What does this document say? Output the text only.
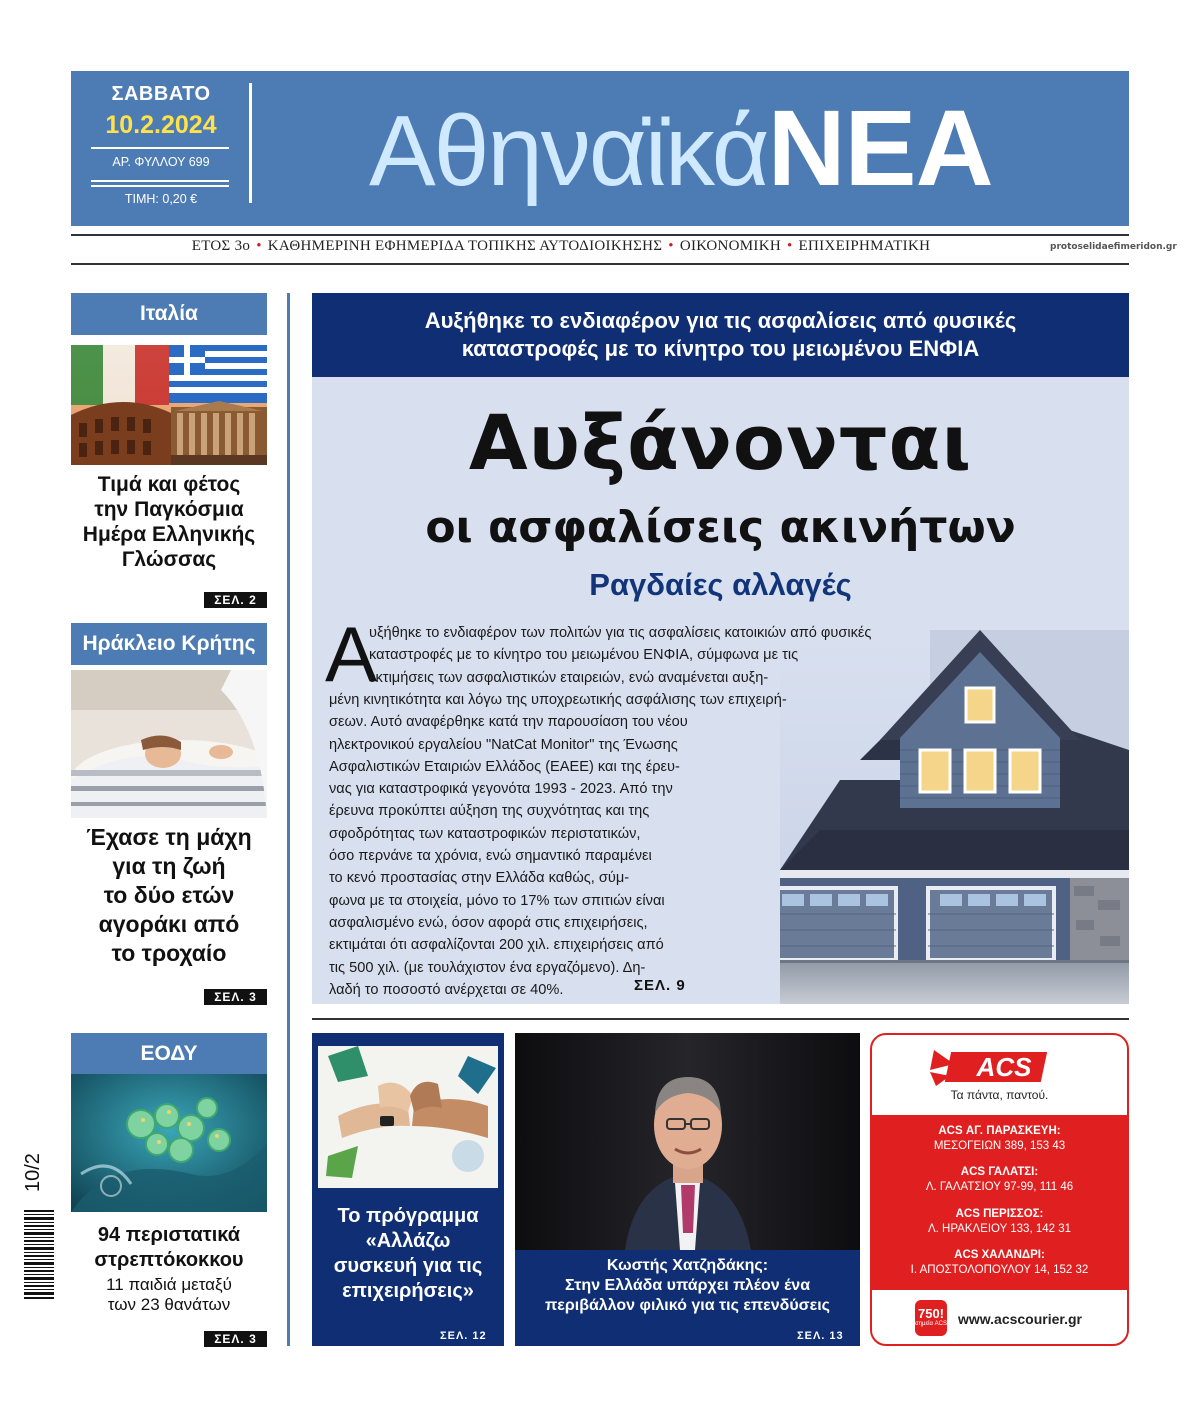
ΣΑΒΒΑΤΟ
10.2.2024
ΑΡ. ΦΥΛΛΟΥ 699
ΤΙΜΗ: 0,20 €	ΑθηναϊκάΝΕΑ
ΕΤΟΣ 3ο • ΚΑΘΗΜΕΡΙΝΗ ΕΦΗΜΕΡΙΔΑ ΤΟΠΙΚΗΣ ΑΥΤΟΔΙΟΙΚΗΣΗΣ • ΟΙΚΟΝΟΜΙΚΗ • ΕΠΙΧΕΙΡΗΜΑΤΙΚΗ	protoselidaefimeridon.gr
Ιταλία
Τιμά και φέτος
την Παγκόσμια
Ημέρα Ελληνικής
Γλώσσας
ΣΕΛ. 2
Ηράκλειο Κρήτης
Έχασε τη μάχη
για τη ζωή
το δύο ετών
αγοράκι από
το τροχαίο
ΣΕΛ. 3
ΕΟΔΥ
94 περιστατικά
στρεπτόκοκκου
11 παιδιά μεταξύ
των 23 θανάτων
ΣΕΛ. 3
10/2
Αυξήθηκε το ενδιαφέρον για τις ασφαλίσεις από φυσικές
καταστροφές με το κίνητρο του μειωμένου ΕΝΦΙΑ
Αυξάνονται
οι ασφαλίσεις ακινήτων
Ραγδαίες αλλαγές
Α
υξήθηκε το ενδιαφέρον των πολιτών για τις ασφαλίσεις κατοικιών από φυσικές
καταστροφές με το κίνητρο του μειωμένου ΕΝΦΙΑ, σύμφωνα με τις
εκτιμήσεις των ασφαλιστικών εταιρειών, ενώ αναμένεται αυξη-
μένη κινητικότητα και λόγω της υποχρεωτικής ασφάλισης των επιχειρή-
σεων. Αυτό αναφέρθηκε κατά την παρουσίαση του νέου
ηλεκτρονικού εργαλείου "NatCat Monitor" της Ένωσης
Ασφαλιστικών Εταιριών Ελλάδος (ΕΑΕΕ) και της έρευ-
νας για καταστροφικά γεγονότα 1993 - 2023. Από την
έρευνα προκύπτει αύξηση της συχνότητας και της
σφοδρότητας των καταστροφικών περιστατικών,
όσο περνάνε τα χρόνια, ενώ σημαντικό παραμένει
το κενό προστασίας στην Ελλάδα καθώς, σύμ-
φωνα με τα στοιχεία, μόνο το 17% των σπιτιών είναι
ασφαλισμένο ενώ, όσον αφορά στις επιχειρήσεις,
εκτιμάται ότι ασφαλίζονται 200 χιλ. επιχειρήσεις από
τις 500 χιλ. (με τουλάχιστον ένα εργαζόμενο). Δη-
λαδή το ποσοστό ανέρχεται σε 40%.	ΣΕΛ. 9
Το πρόγραμμα
«Αλλάζω
συσκευή για τις
επιχειρήσεις»
ΣΕΛ. 12
Κωστής Χατζηδάκης:
Στην Ελλάδα υπάρχει πλέον ένα
περιβάλλον φιλικό για τις επενδύσεις
ΣΕΛ. 13
ACS
Τα πάντα, παντού.
ACS ΑΓ. ΠΑΡΑΣΚΕΥΗ:
ΜΕΣΟΓΕΙΩΝ 389, 153 43
ACS ΓΑΛΑΤΣΙ:
Λ. ΓΑΛΑΤΣΙΟΥ 97-99, 111 46
ACS ΠΕΡΙΣΣΟΣ:
Λ. ΗΡΑΚΛΕΙΟΥ 133, 142 31
ACS ΧΑΛΑΝΔΡΙ:
Ι. ΑΠΟΣΤΟΛΟΠΟΥΛΟΥ 14, 152 32
750!
σημεία ACS www.acscourier.gr
